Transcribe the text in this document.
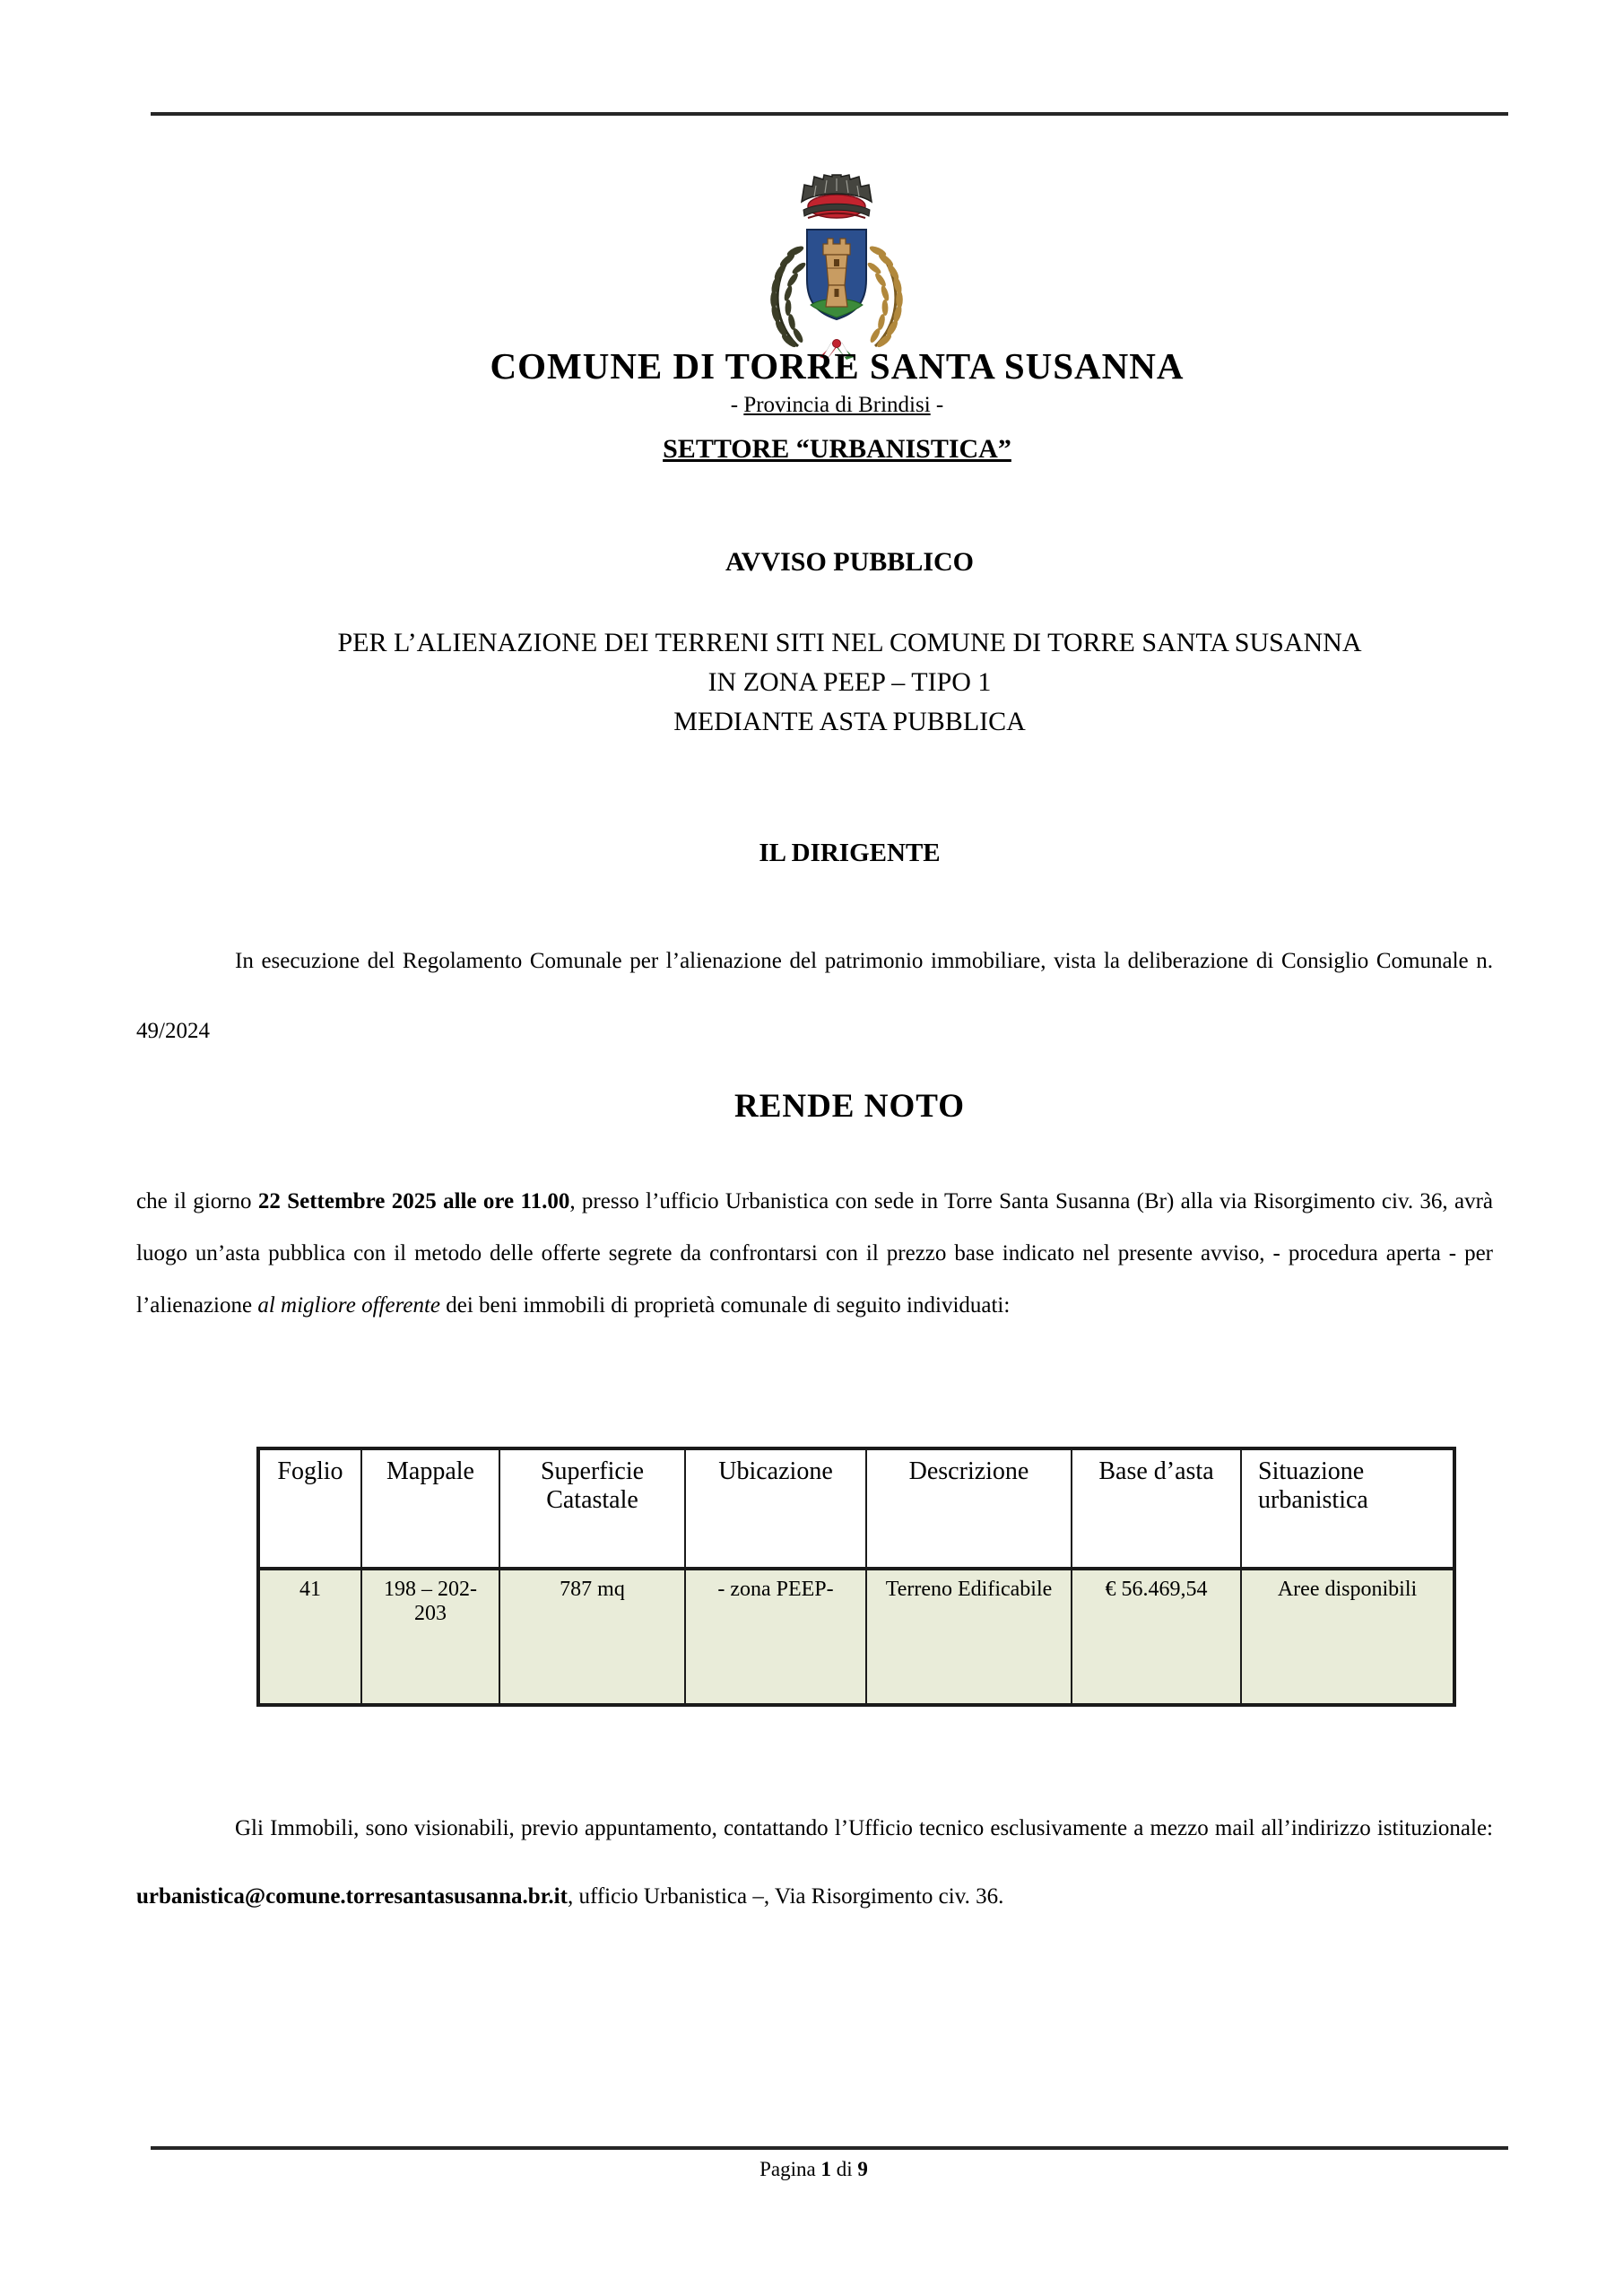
COMUNE DI TORRE SANTA SUSANNA
- Provincia di Brindisi -
SETTORE “URBANISTICA”
AVVISO PUBBLICO
PER L’ALIENAZIONE DEI TERRENI SITI NEL COMUNE DI TORRE SANTA SUSANNA
IN ZONA PEEP – TIPO 1
MEDIANTE ASTA PUBBLICA
IL DIRIGENTE

In esecuzione del Regolamento Comunale per l’alienazione del patrimonio immobiliare, vista la deliberazione di Consiglio Comunale n. 49/2024

RENDE NOTO

che il giorno 22 Settembre 2025 alle ore 11.00, presso l’ufficio Urbanistica con sede in Torre Santa Susanna (Br) alla via Risorgimento civ. 36, avrà luogo un’asta pubblica con il metodo delle offerte segrete da confrontarsi con il prezzo base indicato nel presente avviso, - procedura aperta - per l’alienazione al migliore offerente dei beni immobili di proprietà comunale di seguito individuati:

Foglio	Mappale	Superficie Catastale	Ubicazione	Descrizione	Base d’asta	Situazione urbanistica
41	198 – 202-203	787 mq	- zona PEEP-	Terreno Edificabile	€ 56.469,54	Aree disponibili

Gli Immobili, sono visionabili, previo appuntamento, contattando l’Ufficio tecnico esclusivamente a mezzo mail all’indirizzo istituzionale: urbanistica@comune.torresantasusanna.br.it, ufficio Urbanistica –, Via Risorgimento civ. 36.

Pagina 1 di 9
